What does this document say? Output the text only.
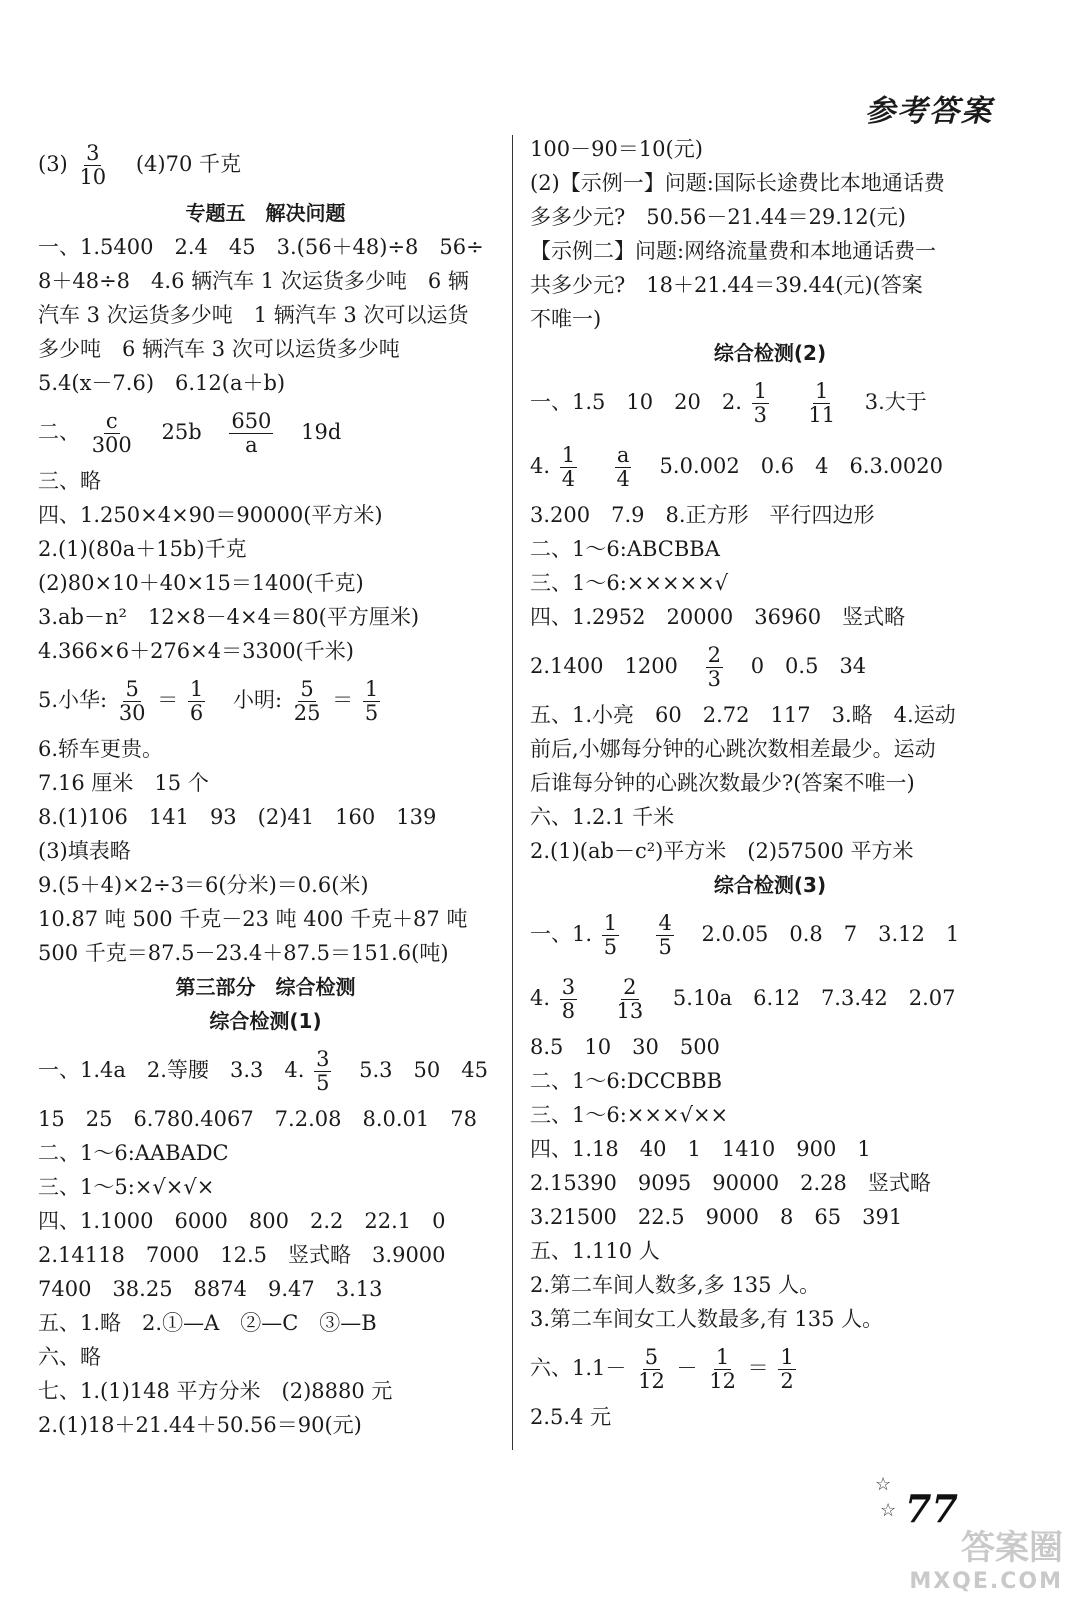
参考答案
$(3) \frac{3}{10} (4)70$ 千克
专题五　解决问题
一、1.5400　2.4　45　3.(56＋48)÷8　56÷
8＋48÷8　4.6 辆汽车 1 次运货多少吨　6 辆
汽车 3 次运货多少吨　1 辆汽车 3 次可以运货
多少吨　6 辆汽车 3 次可以运货多少吨
5.4(x－7.6)　6.12(a＋b)
二、 $\frac{c}{300} 25b \frac{650}{a} 19d$
三、略
四、1.250×4×90＝90000(平方米)
2.(1)(80a＋15b)千克
(2)80×10＋40×15＝1400(千克)
3.ab－n²　12×8－4×4＝80(平方厘米)
4.366×6＋276×4＝3300(千米)
5.小华: $\frac{5}{30} = \frac{1}{6}$ 小明: $\frac{5}{25} = \frac{1}{5}$
6.轿车更贵。
7.16 厘米　15 个
8.(1)106　141　93　(2)41　160　139
(3)填表略
9.(5＋4)×2÷3＝6(分米)＝0.6(米)
10.87 吨 500 千克－23 吨 400 千克＋87 吨
500 千克＝87.5－23.4＋87.5＝151.6(吨)
第三部分　综合检测
综合检测(1)
一、1.4a　2.等腰　3.3　4. $\frac{3}{5} 5.3$　50　45
15　25　6.780.4067　7.2.08　8.0.01　78
二、1～6:AABADC
三、1～5:×√×√×
四、1.1000　6000　800　2.2　22.1　0
2.14118　7000　12.5　竖式略　3.9000
7400　38.25　8874　9.47　3.13
五、1.略　2.①—A　②—C　③—B
六、略
七、1.(1)148 平方分米　(2)8880 元
2.(1)18＋21.44＋50.56＝90(元)
100－90＝10(元)
(2)【示例一】问题:国际长途费比本地通话费
多多少元?　50.56－21.44＝29.12(元)
【示例二】问题:网络流量费和本地通话费一
共多少元?　18＋21.44＝39.44(元)(答案
不唯一)
综合检测(2)
一、1.5　10　20　2. $\frac{1}{3}$
$\frac{1}{11} 3$.大于
4. $\frac{1}{4}$
$\frac{a}{4} 5.0.002$　0.6　4　6.3.0020
3.200　7.9　8.正方形　平行四边形
二、1～6:ABCBBA
三、1～6:×××××√
四、1.2952　20000　36960　竖式略
2.1400　$1200 \frac{2}{3} 0$　0.5　34
五、1.小亮　60　2.72　117　3.略　4.运动
前后,小娜每分钟的心跳次数相差最少。运动
后谁每分钟的心跳次数最少?(答案不唯一)
六、1.2.1 千米
2.(1)(ab－c²)平方米　(2)57500 平方米
综合检测(3)
一、1. $\frac{1}{5}$
$\frac{4}{5} 2.0.05$　0.8　7　3.12　1
4. $\frac{3}{8}$
$\frac{2}{13} 5.10a$　6.12　7.3.42　2.07
8.5　10　30　500
二、1～6:DCCBBB
三、1～6:×××√××
四、1.18　40　1　1410　900　1
2.15390　9095　90000　2.28　竖式略
3.21500　22.5　9000　8　65　391
五、1.110 人
2.第二车间人数多,多 135 人。
3.第二车间女工人数最多,有 135 人。
六、$1.1- \frac{5}{12} - \frac{1}{12} = \frac{1}{2}$
2.5.4 元
☆
☆ 77
答案圈
MXQE.COM
